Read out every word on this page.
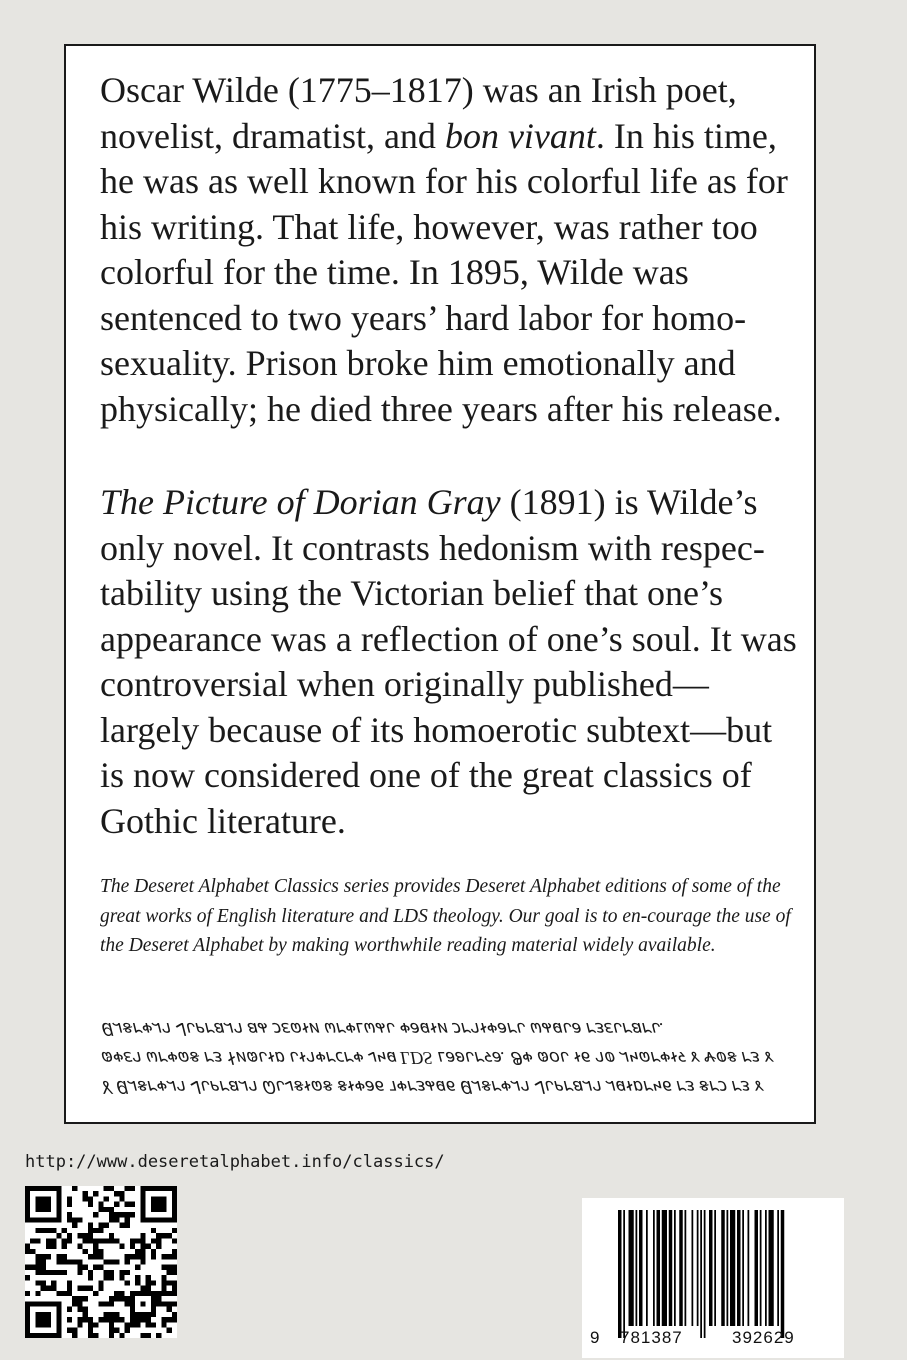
Oscar Wilde (1775–1817) was an Irish poet, novelist, dramatist, and bon vivant. In his time, he was as well known for his colorful life as for his writing. That life, however, was rather too colorful for the time. In 1895, Wilde was sentenced to two years’ hard labor for homo-sexuality. Prison broke him emotionally and physically; he died three years after his release.

The Picture of Dorian Gray (1891) is Wilde’s only novel. It contrasts hedonism with respec-tability using the Victorian belief that one’s appearance was a reflection of one’s soul. It was controversial when originally published—largely because of its homoerotic subtext—but is now considered one of the great classics of Gothic literature.

The Deseret Alphabet Classics series provides Deseret Alphabet editions of some of the great works of English literature and LDS theology. Our goal is to en-courage the use of the Deseret Alphabet by making worthwhile reading material widely available.

𐐜 𐐔𐐯𐑅𐐲𐑉𐐯𐐻 𐐈𐑊𐑁𐐲𐐺𐐯𐐻 𐐗𐑊𐐰𐑅𐐮𐐿𐑅 𐑅𐐮𐑉𐐨𐑆 𐐹𐑉𐐲𐑂𐐴𐐼𐑆 𐐔𐐯𐑅𐐲𐑉𐐯𐐻 𐐈𐑊𐑁𐐲𐐺𐐯𐐻 𐐯𐐼𐐮𐑇𐐲𐑌𐑆 𐐲𐑂 𐑅𐐲𐑋 𐐲𐑂 𐑄 𐑀𐑉𐐩𐐻 𐐶𐐲𐑉𐐿𐑅 𐐲𐑂 𐐆𐑍𐑀𐑊𐐮𐑇 𐑊𐐮𐐻𐑉𐐲𐐽𐐲𐑉 𐐰𐑌𐐼 LDS 𐑃𐐨𐐪𐑊𐐲𐐾𐐨. 𐐍𐑉 𐑀𐐬𐑊 𐐮𐑆 𐐻𐐭 𐐯𐑌𐐿𐐲𐑉𐐮𐐾 𐑄 𐐷𐐭𐑅 𐐲𐑂 𐑄 𐐔𐐯𐑅𐐲𐑉𐐯𐐻 𐐈𐑊𐑁𐐲𐐺𐐯𐐻 𐐺𐐴 𐑋𐐩𐐿𐐮𐑍 𐐶𐐲𐑉𐑃𐐶𐐴𐑊 𐑉𐐨𐐼𐐮𐑍 𐑋𐐲𐐻𐐮𐑉𐐨𐐲𐑊 𐐶𐐴𐐼𐑊𐐨 𐐲𐑂𐐩𐑊𐐲𐐺𐐲𐑊.

http://www.deseretalphabet.info/classics/
9 781387	392629
